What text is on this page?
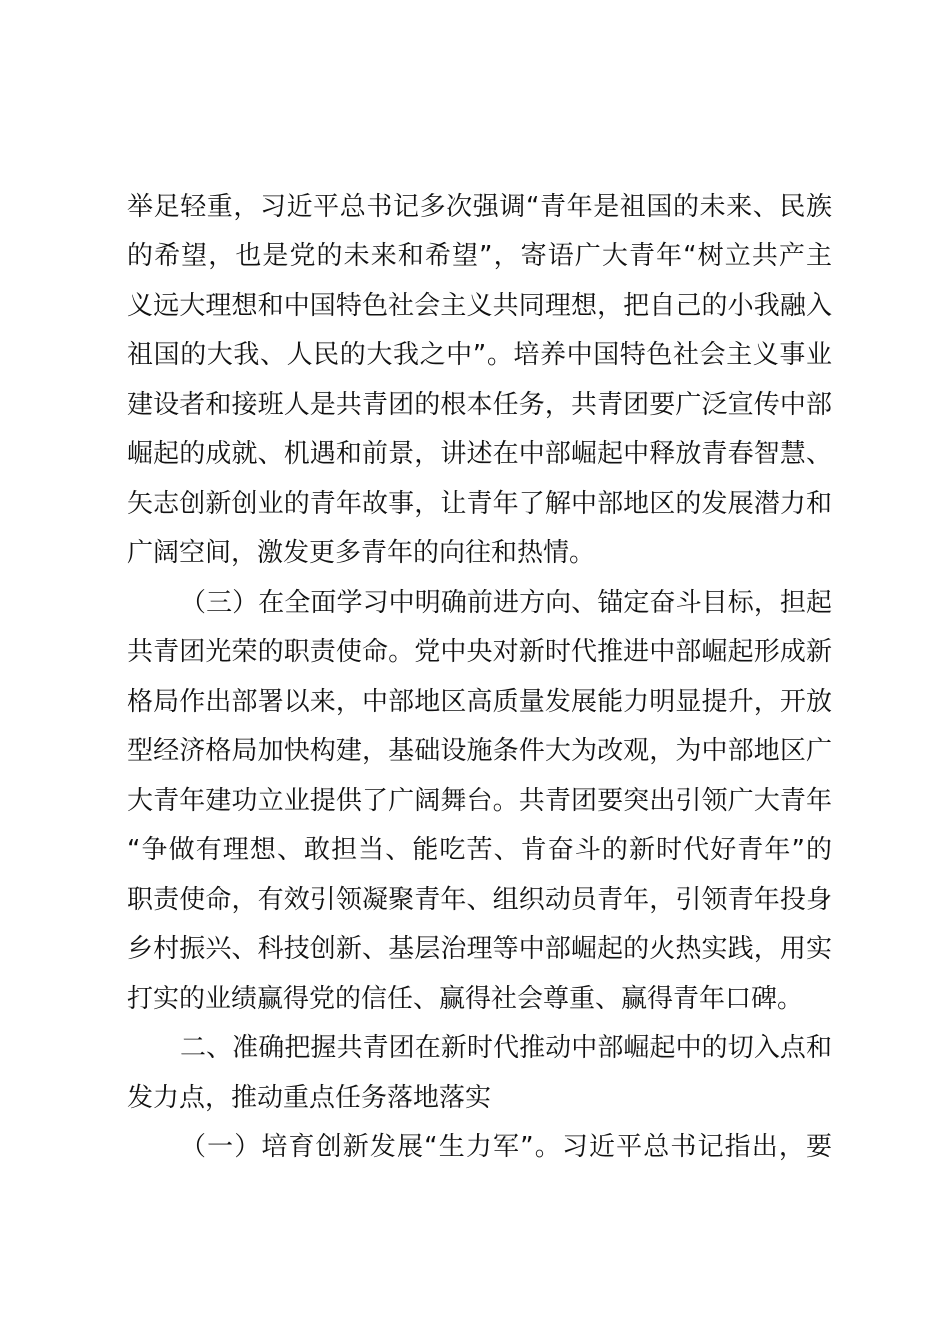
举足轻重，习近平总书记多次强调“青年是祖国的未来、民族
的希望，也是党的未来和希望”，寄语广大青年“树立共产主
义远大理想和中国特色社会主义共同理想，把自己的小我融入
祖国的大我、人民的大我之中”。培养中国特色社会主义事业
建设者和接班人是共青团的根本任务，共青团要广泛宣传中部
崛起的成就、机遇和前景，讲述在中部崛起中释放青春智慧、
矢志创新创业的青年故事，让青年了解中部地区的发展潜力和
广阔空间，激发更多青年的向往和热情。
（三）在全面学习中明确前进方向、锚定奋斗目标，担起
共青团光荣的职责使命。党中央对新时代推进中部崛起形成新
格局作出部署以来，中部地区高质量发展能力明显提升，开放
型经济格局加快构建，基础设施条件大为改观，为中部地区广
大青年建功立业提供了广阔舞台。共青团要突出引领广大青年
“争做有理想、敢担当、能吃苦、肯奋斗的新时代好青年”的
职责使命，有效引领凝聚青年、组织动员青年，引领青年投身
乡村振兴、科技创新、基层治理等中部崛起的火热实践，用实
打实的业绩赢得党的信任、赢得社会尊重、赢得青年口碑。
二、准确把握共青团在新时代推动中部崛起中的切入点和
发力点，推动重点任务落地落实
（一）培育创新发展“生力军”。习近平总书记指出，要
